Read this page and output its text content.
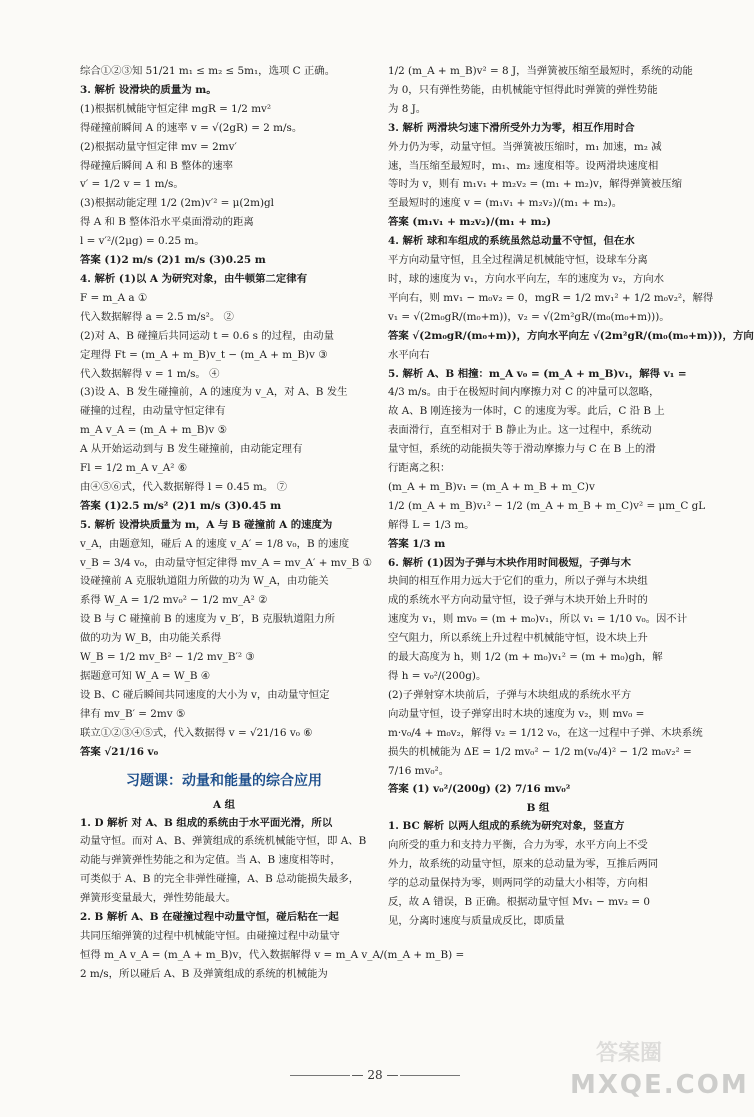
综合①②③知 51/21 m₁ ≤ m₂ ≤ 5m₁，选项 C 正确。
3. 解析 设滑块的质量为 m。
(1)根据机械能守恒定律 mgR = 1/2 mv²
得碰撞前瞬间 A 的速率 v = √(2gR) = 2 m/s。
(2)根据动量守恒定律 mv = 2mv′
得碰撞后瞬间 A 和 B 整体的速率
v′ = 1/2 v = 1 m/s。
(3)根据动能定理 1/2 (2m)v′² = μ(2m)gl
得 A 和 B 整体沿水平桌面滑动的距离
l = v′²/(2μg) = 0.25 m。
答案 (1)2 m/s (2)1 m/s (3)0.25 m
4. 解析 (1)以 A 为研究对象，由牛顿第二定律有
F = m_A a ①
代入数据解得 a = 2.5 m/s²。 ②
(2)对 A、B 碰撞后共同运动 t = 0.6 s 的过程，由动量
定理得 Ft = (m_A + m_B)v_t − (m_A + m_B)v ③
代入数据解得 v = 1 m/s。 ④
(3)设 A、B 发生碰撞前，A 的速度为 v_A，对 A、B 发生
碰撞的过程，由动量守恒定律有
m_A v_A = (m_A + m_B)v ⑤
A 从开始运动到与 B 发生碰撞前，由动能定理有
Fl = 1/2 m_A v_A² ⑥
由④⑤⑥式，代入数据解得 l = 0.45 m。 ⑦
答案 (1)2.5 m/s² (2)1 m/s (3)0.45 m
5. 解析 设滑块质量为 m，A 与 B 碰撞前 A 的速度为
v_A，由题意知，碰后 A 的速度 v_A′ = 1/8 v₀，B 的速度
v_B = 3/4 v₀，由动量守恒定律得 mv_A = mv_A′ + mv_B ①
设碰撞前 A 克服轨道阻力所做的功为 W_A，由功能关
系得 W_A = 1/2 mv₀² − 1/2 mv_A² ②
设 B 与 C 碰撞前 B 的速度为 v_B′，B 克服轨道阻力所
做的功为 W_B，由功能关系得
W_B = 1/2 mv_B² − 1/2 mv_B′² ③
据题意可知 W_A = W_B ④
设 B、C 碰后瞬间共同速度的大小为 v，由动量守恒定
律有 mv_B′ = 2mv ⑤
联立①②③④⑤式，代入数据得 v = √21/16 v₀ ⑥
答案 √21/16 v₀
习题课：动量和能量的综合应用
A 组
1. D 解析 对 A、B 组成的系统由于水平面光滑，所以
动量守恒。而对 A、B、弹簧组成的系统机械能守恒，即 A、B
动能与弹簧弹性势能之和为定值。当 A、B 速度相等时，
可类似于 A、B 的完全非弹性碰撞，A、B 总动能损失最多，
弹簧形变量最大，弹性势能最大。
2. B 解析 A、B 在碰撞过程中动量守恒，碰后粘在一起
共同压缩弹簧的过程中机械能守恒。由碰撞过程中动量守
恒得 m_A v_A = (m_A + m_B)v，代入数据解得 v = m_A v_A/(m_A + m_B) =
2 m/s，所以碰后 A、B 及弹簧组成的系统的机械能为
1/2 (m_A + m_B)v² = 8 J，当弹簧被压缩至最短时，系统的动能
为 0，只有弹性势能，由机械能守恒得此时弹簧的弹性势能
为 8 J。
3. 解析 两滑块匀速下滑所受外力为零，相互作用时合
外力仍为零，动量守恒。当弹簧被压缩时，m₁ 加速，m₂ 减
速，当压缩至最短时，m₁、m₂ 速度相等。设两滑块速度相
等时为 v，则有 m₁v₁ + m₂v₂ = (m₁ + m₂)v，解得弹簧被压缩
至最短时的速度 v = (m₁v₁ + m₂v₂)/(m₁ + m₂)。
答案 (m₁v₁ + m₂v₂)/(m₁ + m₂)
4. 解析 球和车组成的系统虽然总动量不守恒，但在水
平方向动量守恒，且全过程满足机械能守恒，设球车分离
时，球的速度为 v₁，方向水平向左，车的速度为 v₂，方向水
平向右，则 mv₁ − m₀v₂ = 0，mgR = 1/2 mv₁² + 1/2 m₀v₂²，解得
v₁ = √(2m₀gR/(m₀+m))，v₂ = √(2m²gR/(m₀(m₀+m)))。
答案 √(2m₀gR/(m₀+m))，方向水平向左 √(2m²gR/(m₀(m₀+m)))，方向
水平向右
5. 解析 A、B 相撞：m_A v₀ = (m_A + m_B)v₁，解得 v₁ =
4/3 m/s。由于在极短时间内摩擦力对 C 的冲量可以忽略，
故 A、B 刚连接为一体时，C 的速度为零。此后，C 沿 B 上
表面滑行，直至相对于 B 静止为止。这一过程中，系统动
量守恒，系统的动能损失等于滑动摩擦力与 C 在 B 上的滑
行距离之积：
(m_A + m_B)v₁ = (m_A + m_B + m_C)v
1/2 (m_A + m_B)v₁² − 1/2 (m_A + m_B + m_C)v² = μm_C gL
解得 L = 1/3 m。
答案 1/3 m
6. 解析 (1)因为子弹与木块作用时间极短，子弹与木
块间的相互作用力远大于它们的重力，所以子弹与木块组
成的系统水平方向动量守恒，设子弹与木块开始上升时的
速度为 v₁，则 mv₀ = (m + m₀)v₁，所以 v₁ = 1/10 v₀。因不计
空气阻力，所以系统上升过程中机械能守恒，设木块上升
的最大高度为 h，则 1/2 (m + m₀)v₁² = (m + m₀)gh，解
得 h = v₀²/(200g)。
(2)子弹射穿木块前后，子弹与木块组成的系统水平方
向动量守恒，设子弹穿出时木块的速度为 v₂，则 mv₀ =
m·v₀/4 + m₀v₂，解得 v₂ = 1/12 v₀，在这一过程中子弹、木块系统
损失的机械能为 ΔE = 1/2 mv₀² − 1/2 m(v₀/4)² − 1/2 m₀v₂² =
7/16 mv₀²。
答案 (1) v₀²/(200g) (2) 7/16 mv₀²
B 组
1. BC 解析 以两人组成的系统为研究对象，竖直方
向所受的重力和支持力平衡，合力为零，水平方向上不受
外力，故系统的动量守恒，原来的总动量为零，互推后两同
学的总动量保持为零，则两同学的动量大小相等，方向相
反，故 A 错误，B 正确。根据动量守恒 Mv₁ − mv₂ = 0
见，分离时速度与质量成反比，即质量
— 28 —
答案圈
MXQE.COM
